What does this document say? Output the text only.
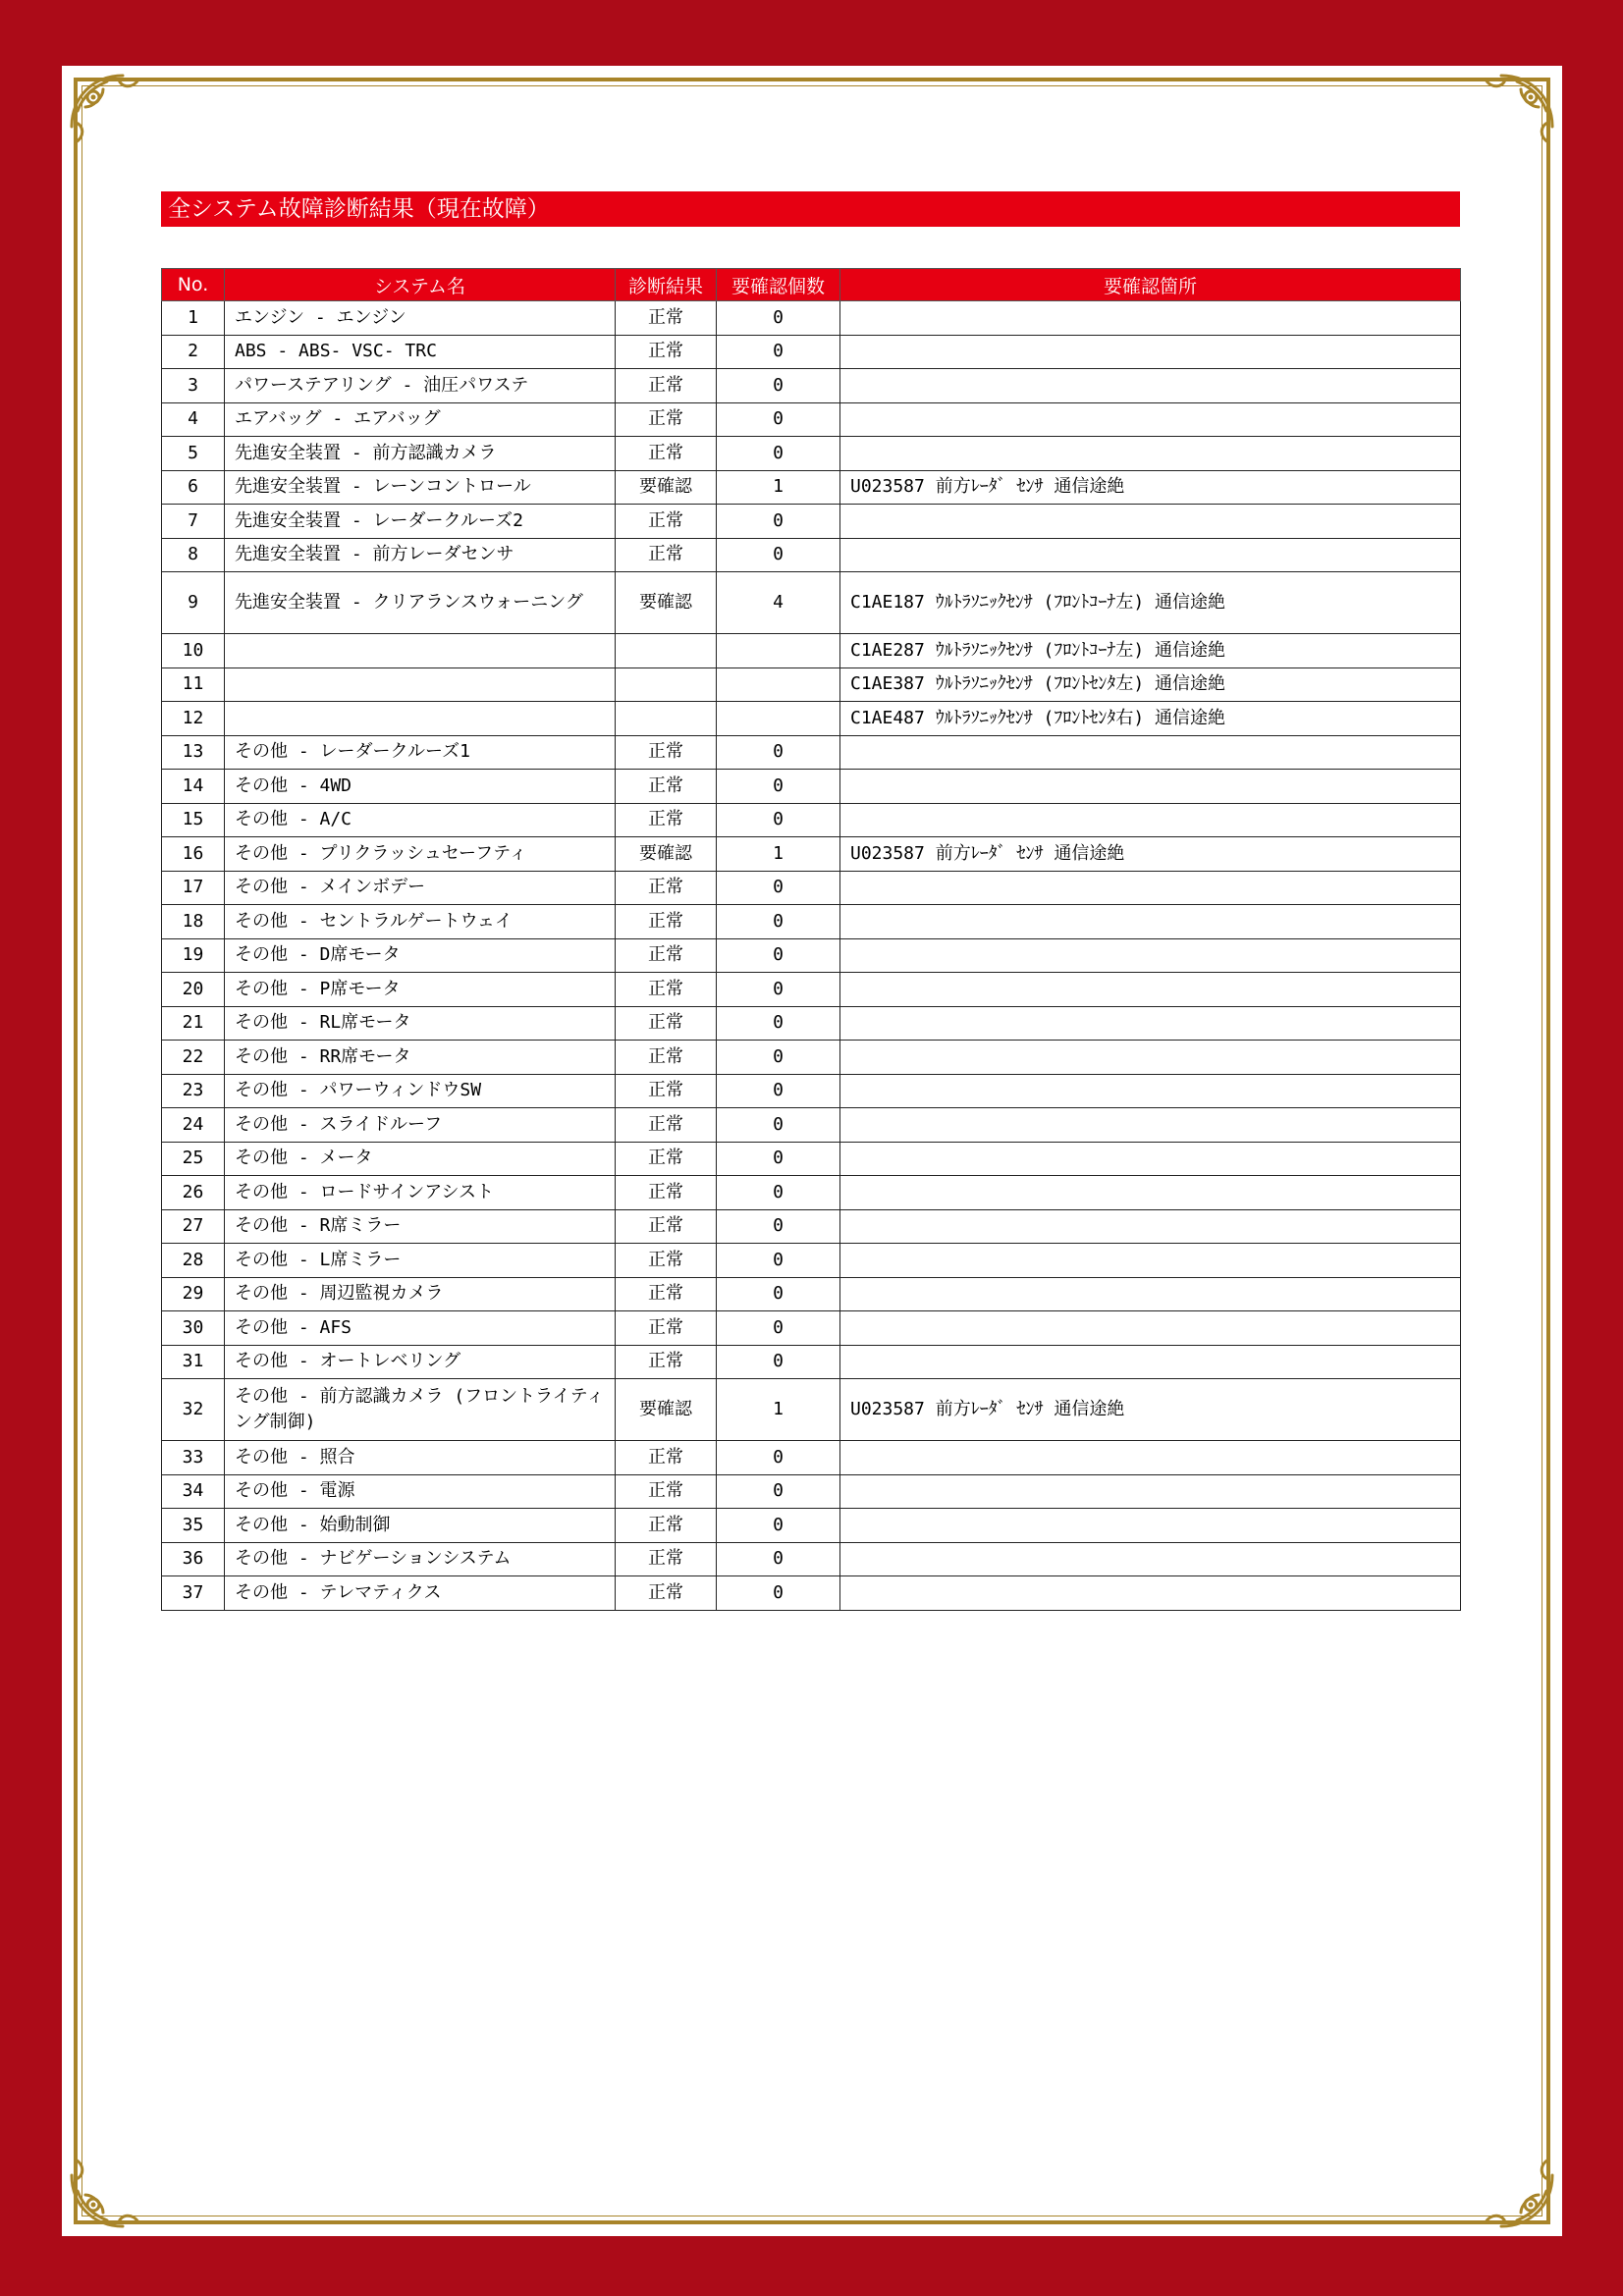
全システム故障診断結果（現在故障）
No.	システム名	診断結果	要確認個数	要確認箇所
1	エンジン - エンジン	正常	0	
2	ABS - ABS- VSC- TRC	正常	0	
3	パワーステアリング - 油圧パワステ	正常	0	
4	エアバッグ - エアバッグ	正常	0	
5	先進安全装置 - 前方認識カメラ	正常	0	
6	先進安全装置 - レーンコントロール	要確認	1	U023587 前方ﾚｰﾀﾞ ｾﾝｻ 通信途絶
7	先進安全装置 - レーダークルーズ2	正常	0	
8	先進安全装置 - 前方レーダセンサ	正常	0	
9	先進安全装置 - クリアランスウォーニング	要確認	4	C1AE187 ｳﾙﾄﾗｿﾆｯｸｾﾝｻ (ﾌﾛﾝﾄｺｰﾅ左) 通信途絶
10				C1AE287 ｳﾙﾄﾗｿﾆｯｸｾﾝｻ (ﾌﾛﾝﾄｺｰﾅ左) 通信途絶
11				C1AE387 ｳﾙﾄﾗｿﾆｯｸｾﾝｻ (ﾌﾛﾝﾄｾﾝﾀ左) 通信途絶
12				C1AE487 ｳﾙﾄﾗｿﾆｯｸｾﾝｻ (ﾌﾛﾝﾄｾﾝﾀ右) 通信途絶
13	その他 - レーダークルーズ1	正常	0	
14	その他 - 4WD	正常	0	
15	その他 - A/C	正常	0	
16	その他 - プリクラッシュセーフティ	要確認	1	U023587 前方ﾚｰﾀﾞ ｾﾝｻ 通信途絶
17	その他 - メインボデー	正常	0	
18	その他 - セントラルゲートウェイ	正常	0	
19	その他 - D席モータ	正常	0	
20	その他 - P席モータ	正常	0	
21	その他 - RL席モータ	正常	0	
22	その他 - RR席モータ	正常	0	
23	その他 - パワーウィンドウSW	正常	0	
24	その他 - スライドルーフ	正常	0	
25	その他 - メータ	正常	0	
26	その他 - ロードサインアシスト	正常	0	
27	その他 - R席ミラー	正常	0	
28	その他 - L席ミラー	正常	0	
29	その他 - 周辺監視カメラ	正常	0	
30	その他 - AFS	正常	0	
31	その他 - オートレベリング	正常	0	
32	その他 - 前方認識カメラ (フロントライティング制御)	要確認	1	U023587 前方ﾚｰﾀﾞ ｾﾝｻ 通信途絶
33	その他 - 照合	正常	0	
34	その他 - 電源	正常	0	
35	その他 - 始動制御	正常	0	
36	その他 - ナビゲーションシステム	正常	0	
37	その他 - テレマティクス	正常	0	
